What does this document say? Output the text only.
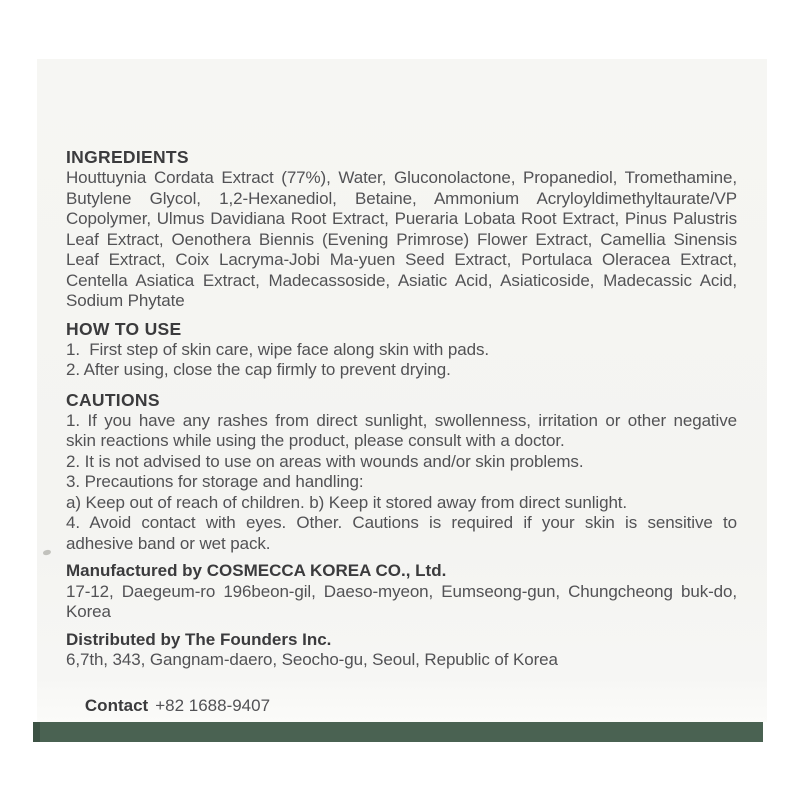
INGREDIENTS
Houttuynia Cordata Extract (77%), Water, Gluconolactone, Propanediol, Tromethamine,
Butylene Glycol, 1,2-Hexanediol, Betaine, Ammonium Acryloyldimethyltaurate/VP
Copolymer, Ulmus Davidiana Root Extract, Pueraria Lobata Root Extract, Pinus Palustris
Leaf Extract, Oenothera Biennis (Evening Primrose) Flower Extract, Camellia Sinensis
Leaf Extract, Coix Lacryma-Jobi Ma-yuen Seed Extract, Portulaca Oleracea Extract,
Centella Asiatica Extract, Madecassoside, Asiatic Acid, Asiaticoside, Madecassic Acid,
Sodium Phytate
HOW TO USE
1.  First step of skin care, wipe face along skin with pads.
2. After using, close the cap firmly to prevent drying.
CAUTIONS
1. If you have any rashes from direct sunlight, swollenness, irritation or other negative
skin reactions while using the product, please consult with a doctor.
2. It is not advised to use on areas with wounds and/or skin problems.
3. Precautions for storage and handling:
a) Keep out of reach of children. b) Keep it stored away from direct sunlight.
4. Avoid contact with eyes. Other. Cautions is required if your skin is sensitive to
adhesive band or wet pack.
Manufactured by COSMECCA KOREA CO., Ltd.
17-12, Daegeum-ro 196beon-gil, Daeso-myeon, Eumseong-gun, Chungcheong buk-do,
Korea
Distributed by The Founders Inc.
6,7th, 343, Gangnam-daero, Seocho-gu, Seoul, Republic of Korea

Contact +82 1688-9407
